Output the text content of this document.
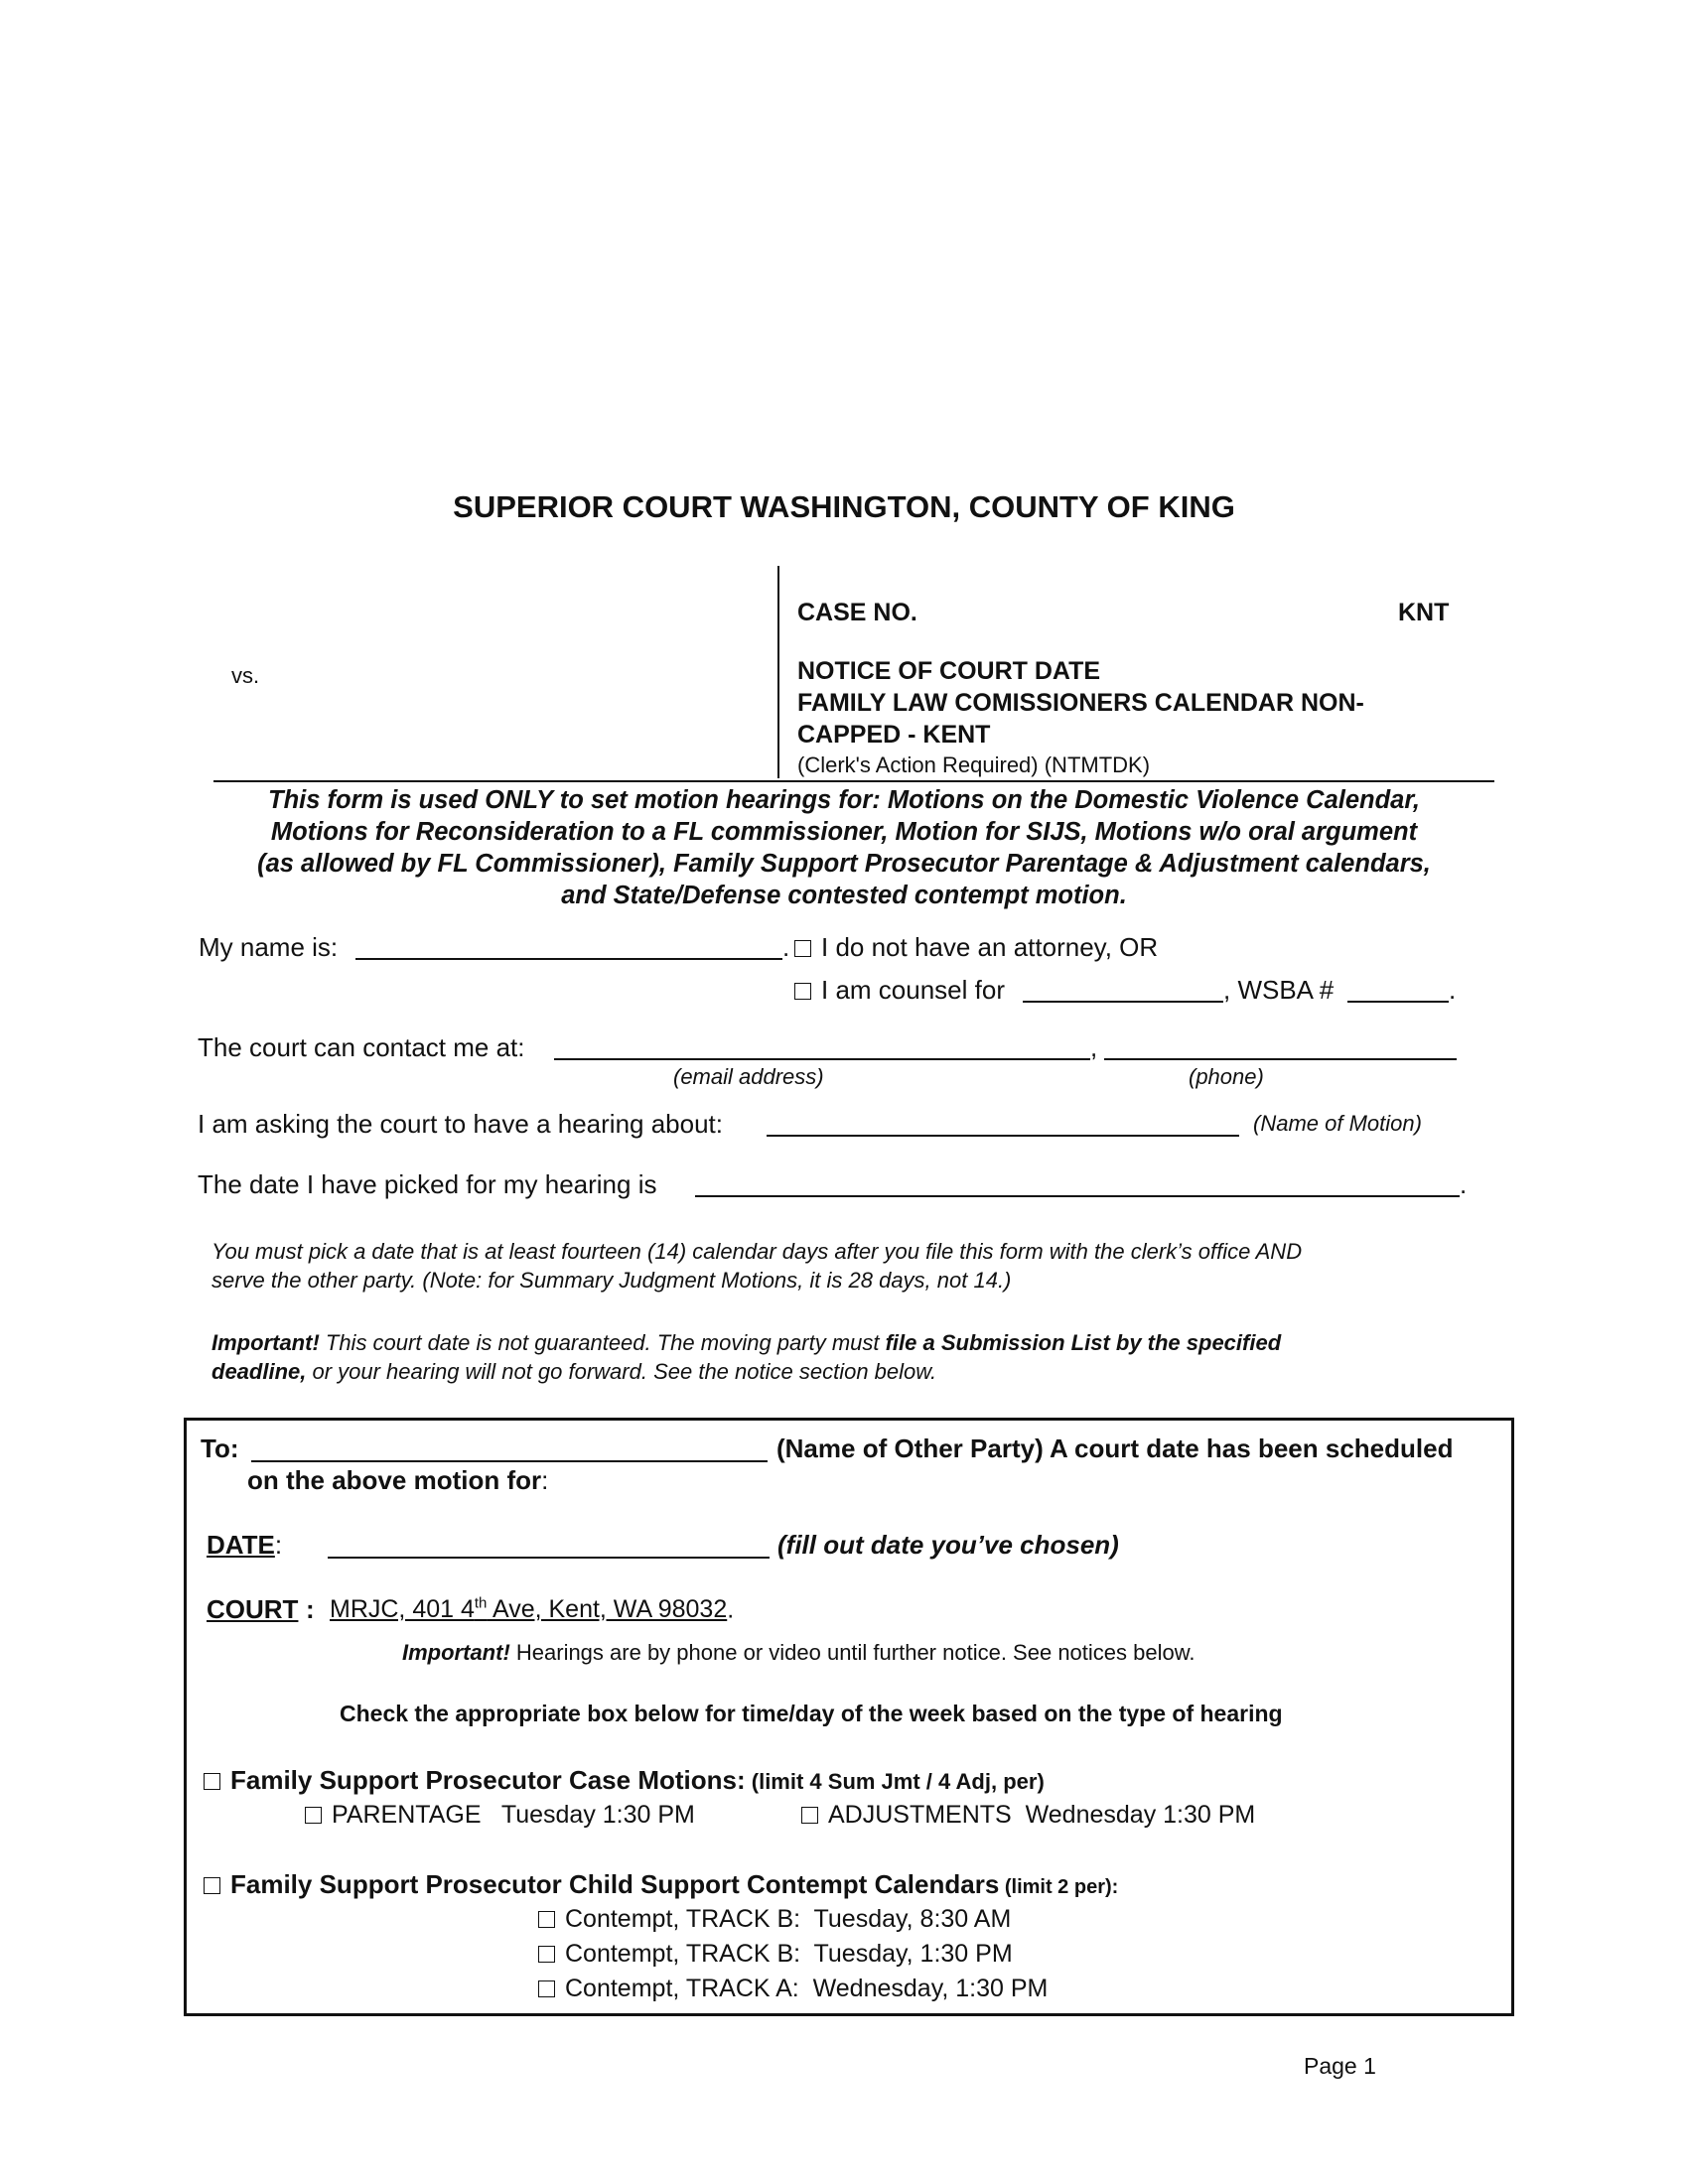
SUPERIOR COURT WASHINGTON, COUNTY OF KING
vs.
CASE NO.	KNT
NOTICE OF COURT DATE
FAMILY LAW COMISSIONERS CALENDAR NON-
CAPPED - KENT
(Clerk's Action Required) (NTMTDK)
This form is used ONLY to set motion hearings for: Motions on the Domestic Violence Calendar,
Motions for Reconsideration to a FL commissioner, Motion for SIJS, Motions w/o oral argument
(as allowed by FL Commissioner), Family Support Prosecutor Parentage & Adjustment calendars,
and State/Defense contested contempt motion.
My name is:	.	I do not have an attorney, OR
I am counsel for	, WSBA #	.
The court can contact me at:	,
(email address)	(phone)
I am asking the court to have a hearing about:	(Name of Motion)
The date I have picked for my hearing is	.
You must pick a date that is at least fourteen (14) calendar days after you file this form with the clerk’s office AND
serve the other party. (Note: for Summary Judgment Motions, it is 28 days, not 14.)
Important! This court date is not guaranteed. The moving party must file a Submission List by the specified
deadline, or your hearing will not go forward. See the notice section below.
To:	(Name of Other Party) A court date has been scheduled
on the above motion for:
DATE:	(fill out date you’ve chosen)
COURT : MRJC, 401 4th Ave, Kent, WA 98032.
Important! Hearings are by phone or video until further notice. See notices below.
Check the appropriate box below for time/day of the week based on the type of hearing
Family Support Prosecutor Case Motions: (limit 4 Sum Jmt / 4 Adj, per)
PARENTAGE   Tuesday 1:30 PM	ADJUSTMENTS  Wednesday 1:30 PM
Family Support Prosecutor Child Support Contempt Calendars (limit 2 per):
Contempt, TRACK B:  Tuesday, 8:30 AM
Contempt, TRACK B:  Tuesday, 1:30 PM
Contempt, TRACK A:  Wednesday, 1:30 PM
Page 1
